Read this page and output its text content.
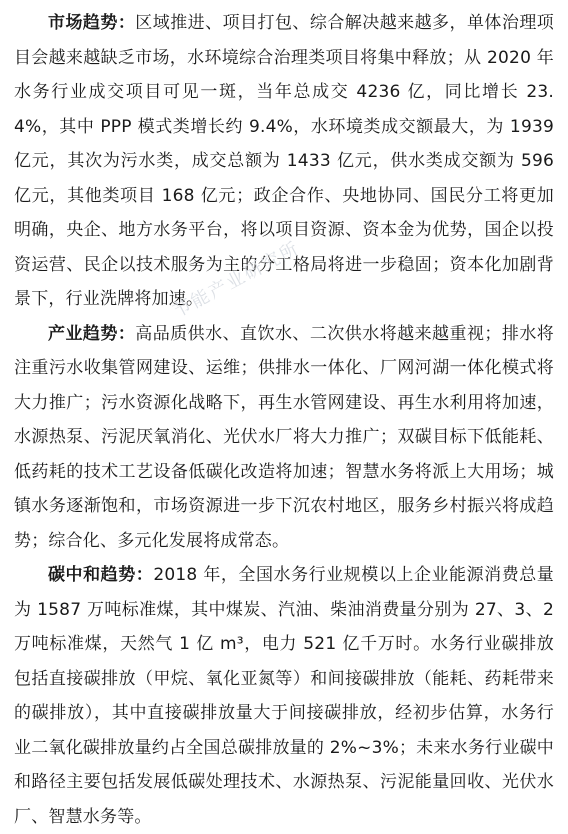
市场趋势：区域推进、项目打包、综合解决越来越多，单体治理项目会越来越缺乏市场，水环境综合治理类项目将集中释放；从 2020 年水务行业成交项目可见一斑，当年总成交 4236 亿，同比增长 23.4%，其中 PPP 模式类增长约 9.4%，水环境类成交额最大，为 1939 亿元，其次为污水类，成交总额为 1433 亿元，供水类成交额为 596 亿元，其他类项目 168 亿元；政企合作、央地协同、国民分工将更加明确，央企、地方水务平台，将以项目资源、资本金为优势，国企以投资运营、民企以技术服务为主的分工格局将进一步稳固；资本化加剧背景下，行业洗牌将加速。

产业趋势：高品质供水、直饮水、二次供水将越来越重视；排水将注重污水收集管网建设、运维；供排水一体化、厂网河湖一体化模式将大力推广；污水资源化战略下，再生水管网建设、再生水利用将加速，水源热泵、污泥厌氧消化、光伏水厂将大力推广；双碳目标下低能耗、低药耗的技术工艺设备低碳化改造将加速；智慧水务将派上大用场；城镇水务逐渐饱和，市场资源进一步下沉农村地区，服务乡村振兴将成趋势；综合化、多元化发展将成常态。

碳中和趋势：2018 年，全国水务行业规模以上企业能源消费总量为 1587 万吨标准煤，其中煤炭、汽油、柴油消费量分别为 27、3、2 万吨标准煤，天然气 1 亿 m³，电力 521 亿千万时。水务行业碳排放包括直接碳排放（甲烷、氧化亚氮等）和间接碳排放（能耗、药耗带来的碳排放），其中直接碳排放量大于间接碳排放，经初步估算，水务行业二氧化碳排放量约占全国总碳排放量的 2%~3%；未来水务行业碳中和路径主要包括发展低碳处理技术、水源热泵、污泥能量回收、光伏水厂、智慧水务等。

节能产业研究所
